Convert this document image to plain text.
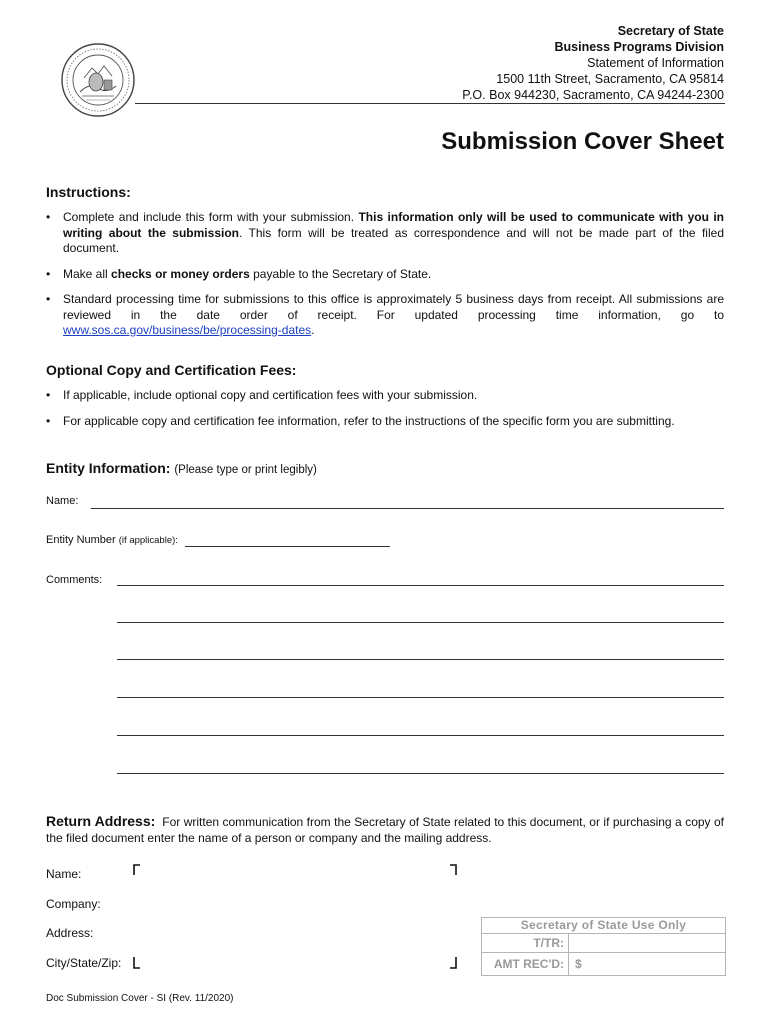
Secretary of State
Business Programs Division
Statement of Information
1500 11th Street, Sacramento, CA 95814
P.O. Box 944230, Sacramento, CA 94244-2300
Submission Cover Sheet
Instructions:
• Complete and include this form with your submission. This information only will be used to communicate with you in writing about the submission. This form will be treated as correspondence and will not be made part of the filed document.
• Make all checks or money orders payable to the Secretary of State.
• Standard processing time for submissions to this office is approximately 5 business days from receipt. All submissions are reviewed in the date order of receipt. For updated processing time information, go to www.sos.ca.gov/business/be/processing-dates.
Optional Copy and Certification Fees:
• If applicable, include optional copy and certification fees with your submission.
• For applicable copy and certification fee information, refer to the instructions of the specific form you are submitting.
Entity Information: (Please type or print legibly)
Name:
Entity Number (if applicable):
Comments:
Return Address: For written communication from the Secretary of State related to this document, or if purchasing a copy of the filed document enter the name of a person or company and the mailing address.
Name:
Company:
Address:
City/State/Zip:
Secretary of State Use Only
T/TR:
AMT REC'D: $
Doc Submission Cover - SI (Rev. 11/2020)
